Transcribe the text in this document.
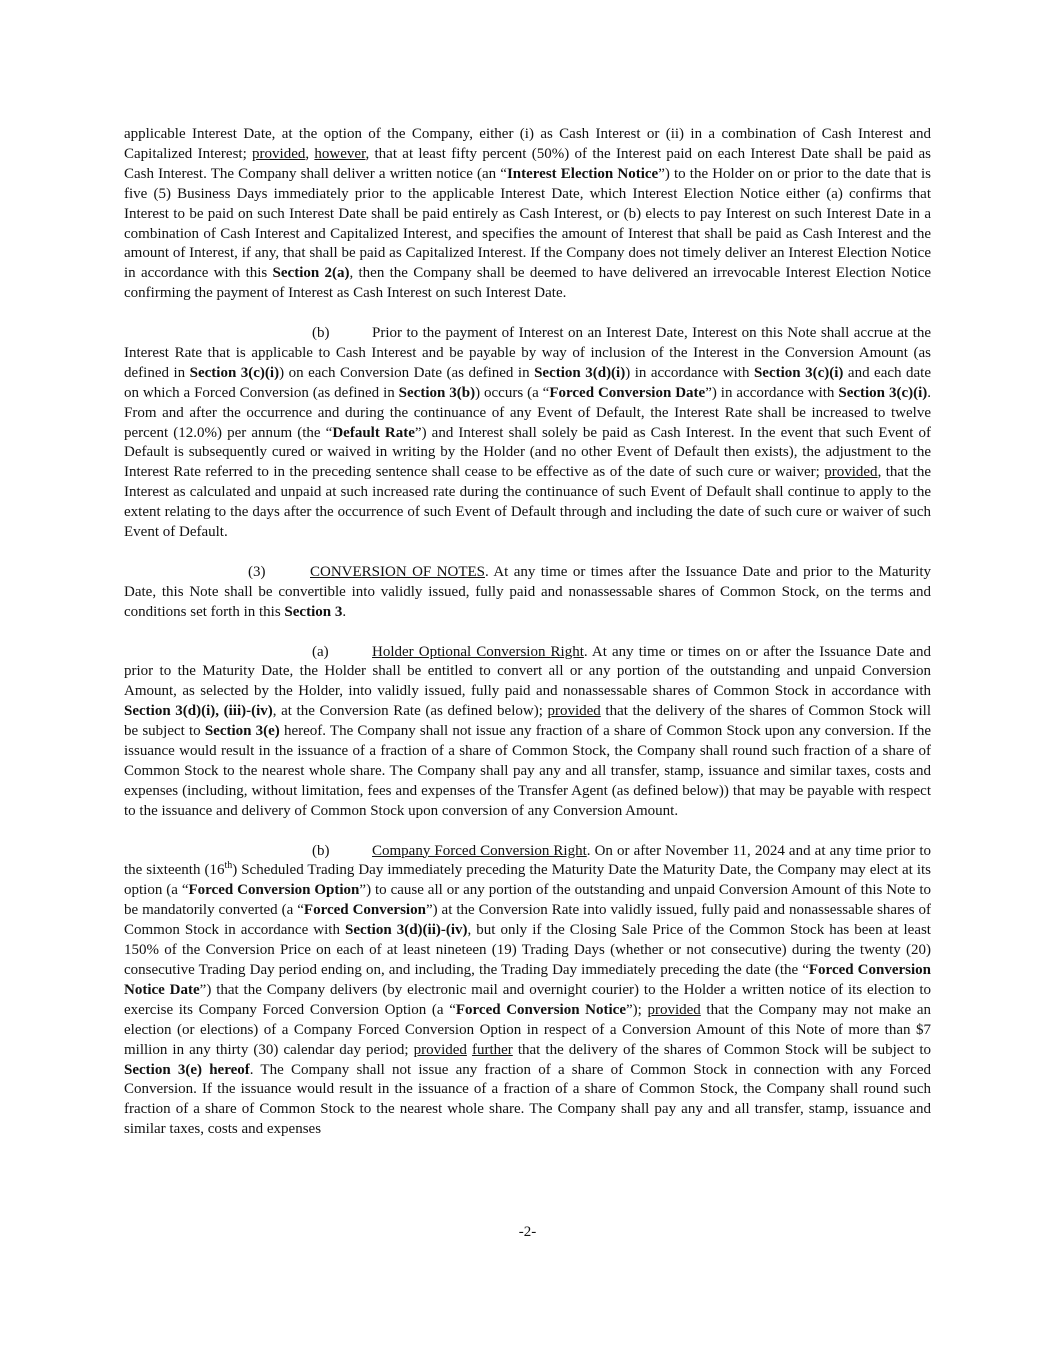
applicable Interest Date, at the option of the Company, either (i) as Cash Interest or (ii) in a combination of Cash Interest and Capitalized Interest; provided, however, that at least fifty percent (50%) of the Interest paid on each Interest Date shall be paid as Cash Interest. The Company shall deliver a written notice (an “Interest Election Notice”) to the Holder on or prior to the date that is five (5) Business Days immediately prior to the applicable Interest Date, which Interest Election Notice either (a) confirms that Interest to be paid on such Interest Date shall be paid entirely as Cash Interest, or (b) elects to pay Interest on such Interest Date in a combination of Cash Interest and Capitalized Interest, and specifies the amount of Interest that shall be paid as Cash Interest and the amount of Interest, if any, that shall be paid as Capitalized Interest. If the Company does not timely deliver an Interest Election Notice in accordance with this Section 2(a), then the Company shall be deemed to have delivered an irrevocable Interest Election Notice confirming the payment of Interest as Cash Interest on such Interest Date.

(b)	Prior to the payment of Interest on an Interest Date, Interest on this Note shall accrue at the Interest Rate that is applicable to Cash Interest and be payable by way of inclusion of the Interest in the Conversion Amount (as defined in Section 3(c)(i)) on each Conversion Date (as defined in Section 3(d)(i)) in accordance with Section 3(c)(i) and each date on which a Forced Conversion (as defined in Section 3(b)) occurs (a “Forced Conversion Date”) in accordance with Section 3(c)(i). From and after the occurrence and during the continuance of any Event of Default, the Interest Rate shall be increased to twelve percent (12.0%) per annum (the “Default Rate”) and Interest shall solely be paid as Cash Interest. In the event that such Event of Default is subsequently cured or waived in writing by the Holder (and no other Event of Default then exists), the adjustment to the Interest Rate referred to in the preceding sentence shall cease to be effective as of the date of such cure or waiver; provided, that the Interest as calculated and unpaid at such increased rate during the continuance of such Event of Default shall continue to apply to the extent relating to the days after the occurrence of such Event of Default through and including the date of such cure or waiver of such Event of Default.

(3)	CONVERSION OF NOTES. At any time or times after the Issuance Date and prior to the Maturity Date, this Note shall be convertible into validly issued, fully paid and nonassessable shares of Common Stock, on the terms and conditions set forth in this Section 3.

(a)	Holder Optional Conversion Right. At any time or times on or after the Issuance Date and prior to the Maturity Date, the Holder shall be entitled to convert all or any portion of the outstanding and unpaid Conversion Amount, as selected by the Holder, into validly issued, fully paid and nonassessable shares of Common Stock in accordance with Section 3(d)(i), (iii)-(iv), at the Conversion Rate (as defined below); provided that the delivery of the shares of Common Stock will be subject to Section 3(e) hereof. The Company shall not issue any fraction of a share of Common Stock upon any conversion. If the issuance would result in the issuance of a fraction of a share of Common Stock, the Company shall round such fraction of a share of Common Stock to the nearest whole share. The Company shall pay any and all transfer, stamp, issuance and similar taxes, costs and expenses (including, without limitation, fees and expenses of the Transfer Agent (as defined below)) that may be payable with respect to the issuance and delivery of Common Stock upon conversion of any Conversion Amount.

(b)	Company Forced Conversion Right. On or after November 11, 2024 and at any time prior to the sixteenth (16th) Scheduled Trading Day immediately preceding the Maturity Date the Maturity Date, the Company may elect at its option (a “Forced Conversion Option”) to cause all or any portion of the outstanding and unpaid Conversion Amount of this Note to be mandatorily converted (a “Forced Conversion”) at the Conversion Rate into validly issued, fully paid and nonassessable shares of Common Stock in accordance with Section 3(d)(ii)-(iv), but only if the Closing Sale Price of the Common Stock has been at least 150% of the Conversion Price on each of at least nineteen (19) Trading Days (whether or not consecutive) during the twenty (20) consecutive Trading Day period ending on, and including, the Trading Day immediately preceding the date (the “Forced Conversion Notice Date”) that the Company delivers (by electronic mail and overnight courier) to the Holder a written notice of its election to exercise its Company Forced Conversion Option (a “Forced Conversion Notice”); provided that the Company may not make an election (or elections) of a Company Forced Conversion Option in respect of a Conversion Amount of this Note of more than $7 million in any thirty (30) calendar day period; provided further that the delivery of the shares of Common Stock will be subject to Section 3(e) hereof. The Company shall not issue any fraction of a share of Common Stock in connection with any Forced Conversion. If the issuance would result in the issuance of a fraction of a share of Common Stock, the Company shall round such fraction of a share of Common Stock to the nearest whole share. The Company shall pay any and all transfer, stamp, issuance and similar taxes, costs and expenses

-2-
